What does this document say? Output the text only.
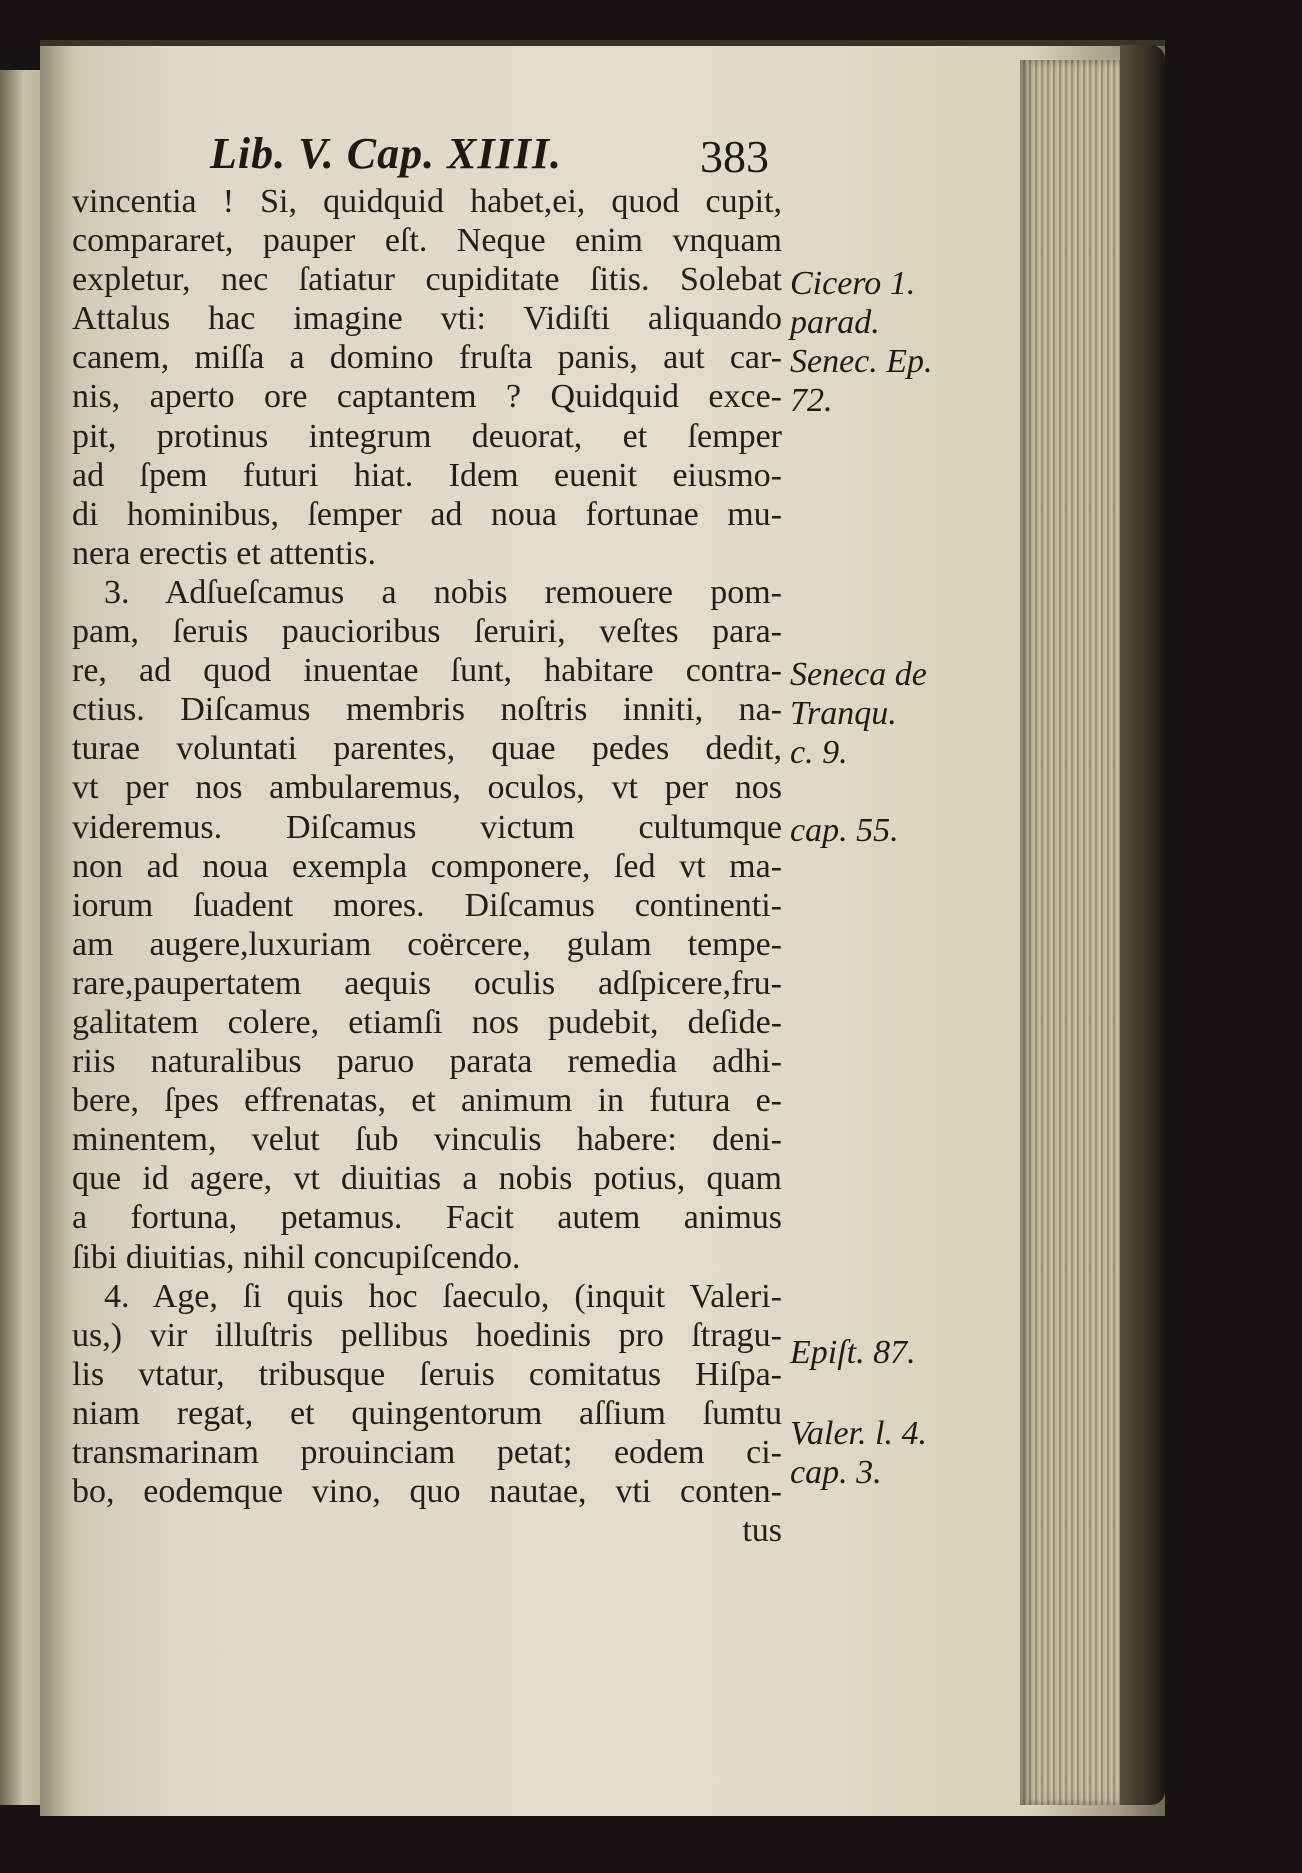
Lib. V. Cap. XIIII.	383
vincentia ! Si, quidquid habet,ei, quod cupit,
compararet, pauper eſt. Neque enim vnquam
expletur, nec ſatiatur cupiditate ſitis. Solebat
Attalus hac imagine vti: Vidiſti aliquando
canem, miſſa a domino fruſta panis, aut car-
nis, aperto ore captantem ? Quidquid exce-
pit, protinus integrum deuorat, et ſemper
ad ſpem futuri hiat. Idem euenit eiusmo-
di hominibus, ſemper ad noua fortunae mu-
nera erectis et attentis.
3. Adſueſcamus a nobis remouere pom-
pam, ſeruis paucioribus ſeruiri, veſtes para-
re, ad quod inuentae ſunt, habitare contra-
ctius. Diſcamus membris noſtris inniti, na-
turae voluntati parentes, quae pedes dedit,
vt per nos ambularemus, oculos, vt per nos
videremus. Diſcamus victum cultumque
non ad noua exempla componere, ſed vt ma-
iorum ſuadent mores. Diſcamus continenti-
am augere,luxuriam coërcere, gulam tempe-
rare,paupertatem aequis oculis adſpicere,fru-
galitatem colere, etiamſi nos pudebit, deſide-
riis naturalibus paruo parata remedia adhi-
bere, ſpes effrenatas, et animum in futura e-
minentem, velut ſub vinculis habere: deni-
que id agere, vt diuitias a nobis potius, quam
a fortuna, petamus. Facit autem animus
ſibi diuitias, nihil concupiſcendo.
4. Age, ſi quis hoc ſaeculo, (inquit Valeri-
us,) vir illuſtris pellibus hoedinis pro ſtragu-
lis vtatur, tribusque ſeruis comitatus Hiſpa-
niam regat, et quingentorum aſſium ſumtu
transmarinam prouinciam petat; eodem ci-
bo, eodemque vino, quo nautae, vti conten-
tus
Cicero 1.
parad.
Senec. Ep.
72.
Seneca de
Tranqu.
c. 9.
cap. 55.
Epiſt. 87.
Valer. l. 4.
cap. 3.
